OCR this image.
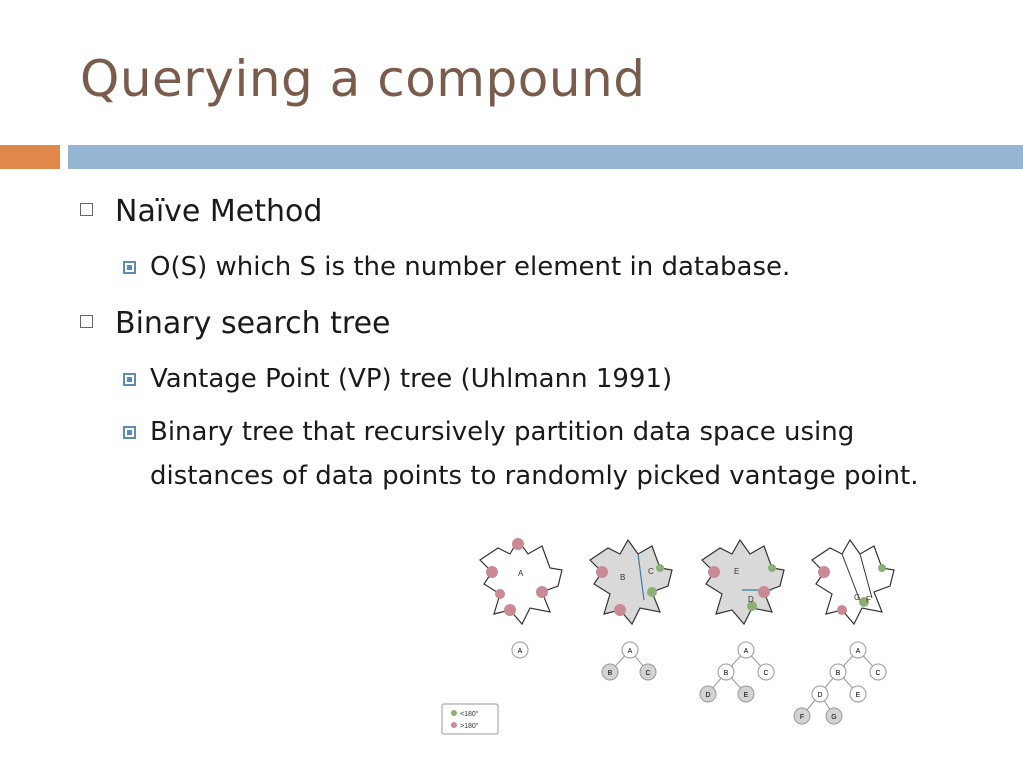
Querying a compound
Naïve Method
O(S) which S is the number element in database.
Binary search tree
Vantage Point (VP) tree (Uhlmann 1991)
Binary tree that recursively partition data space using distances of data points to randomly picked vantage point.
A	B
C	E
D	G F
A	A
B	C
A
B	C
D	E
A
B	C
D	E
F	G
<180°
>180°
